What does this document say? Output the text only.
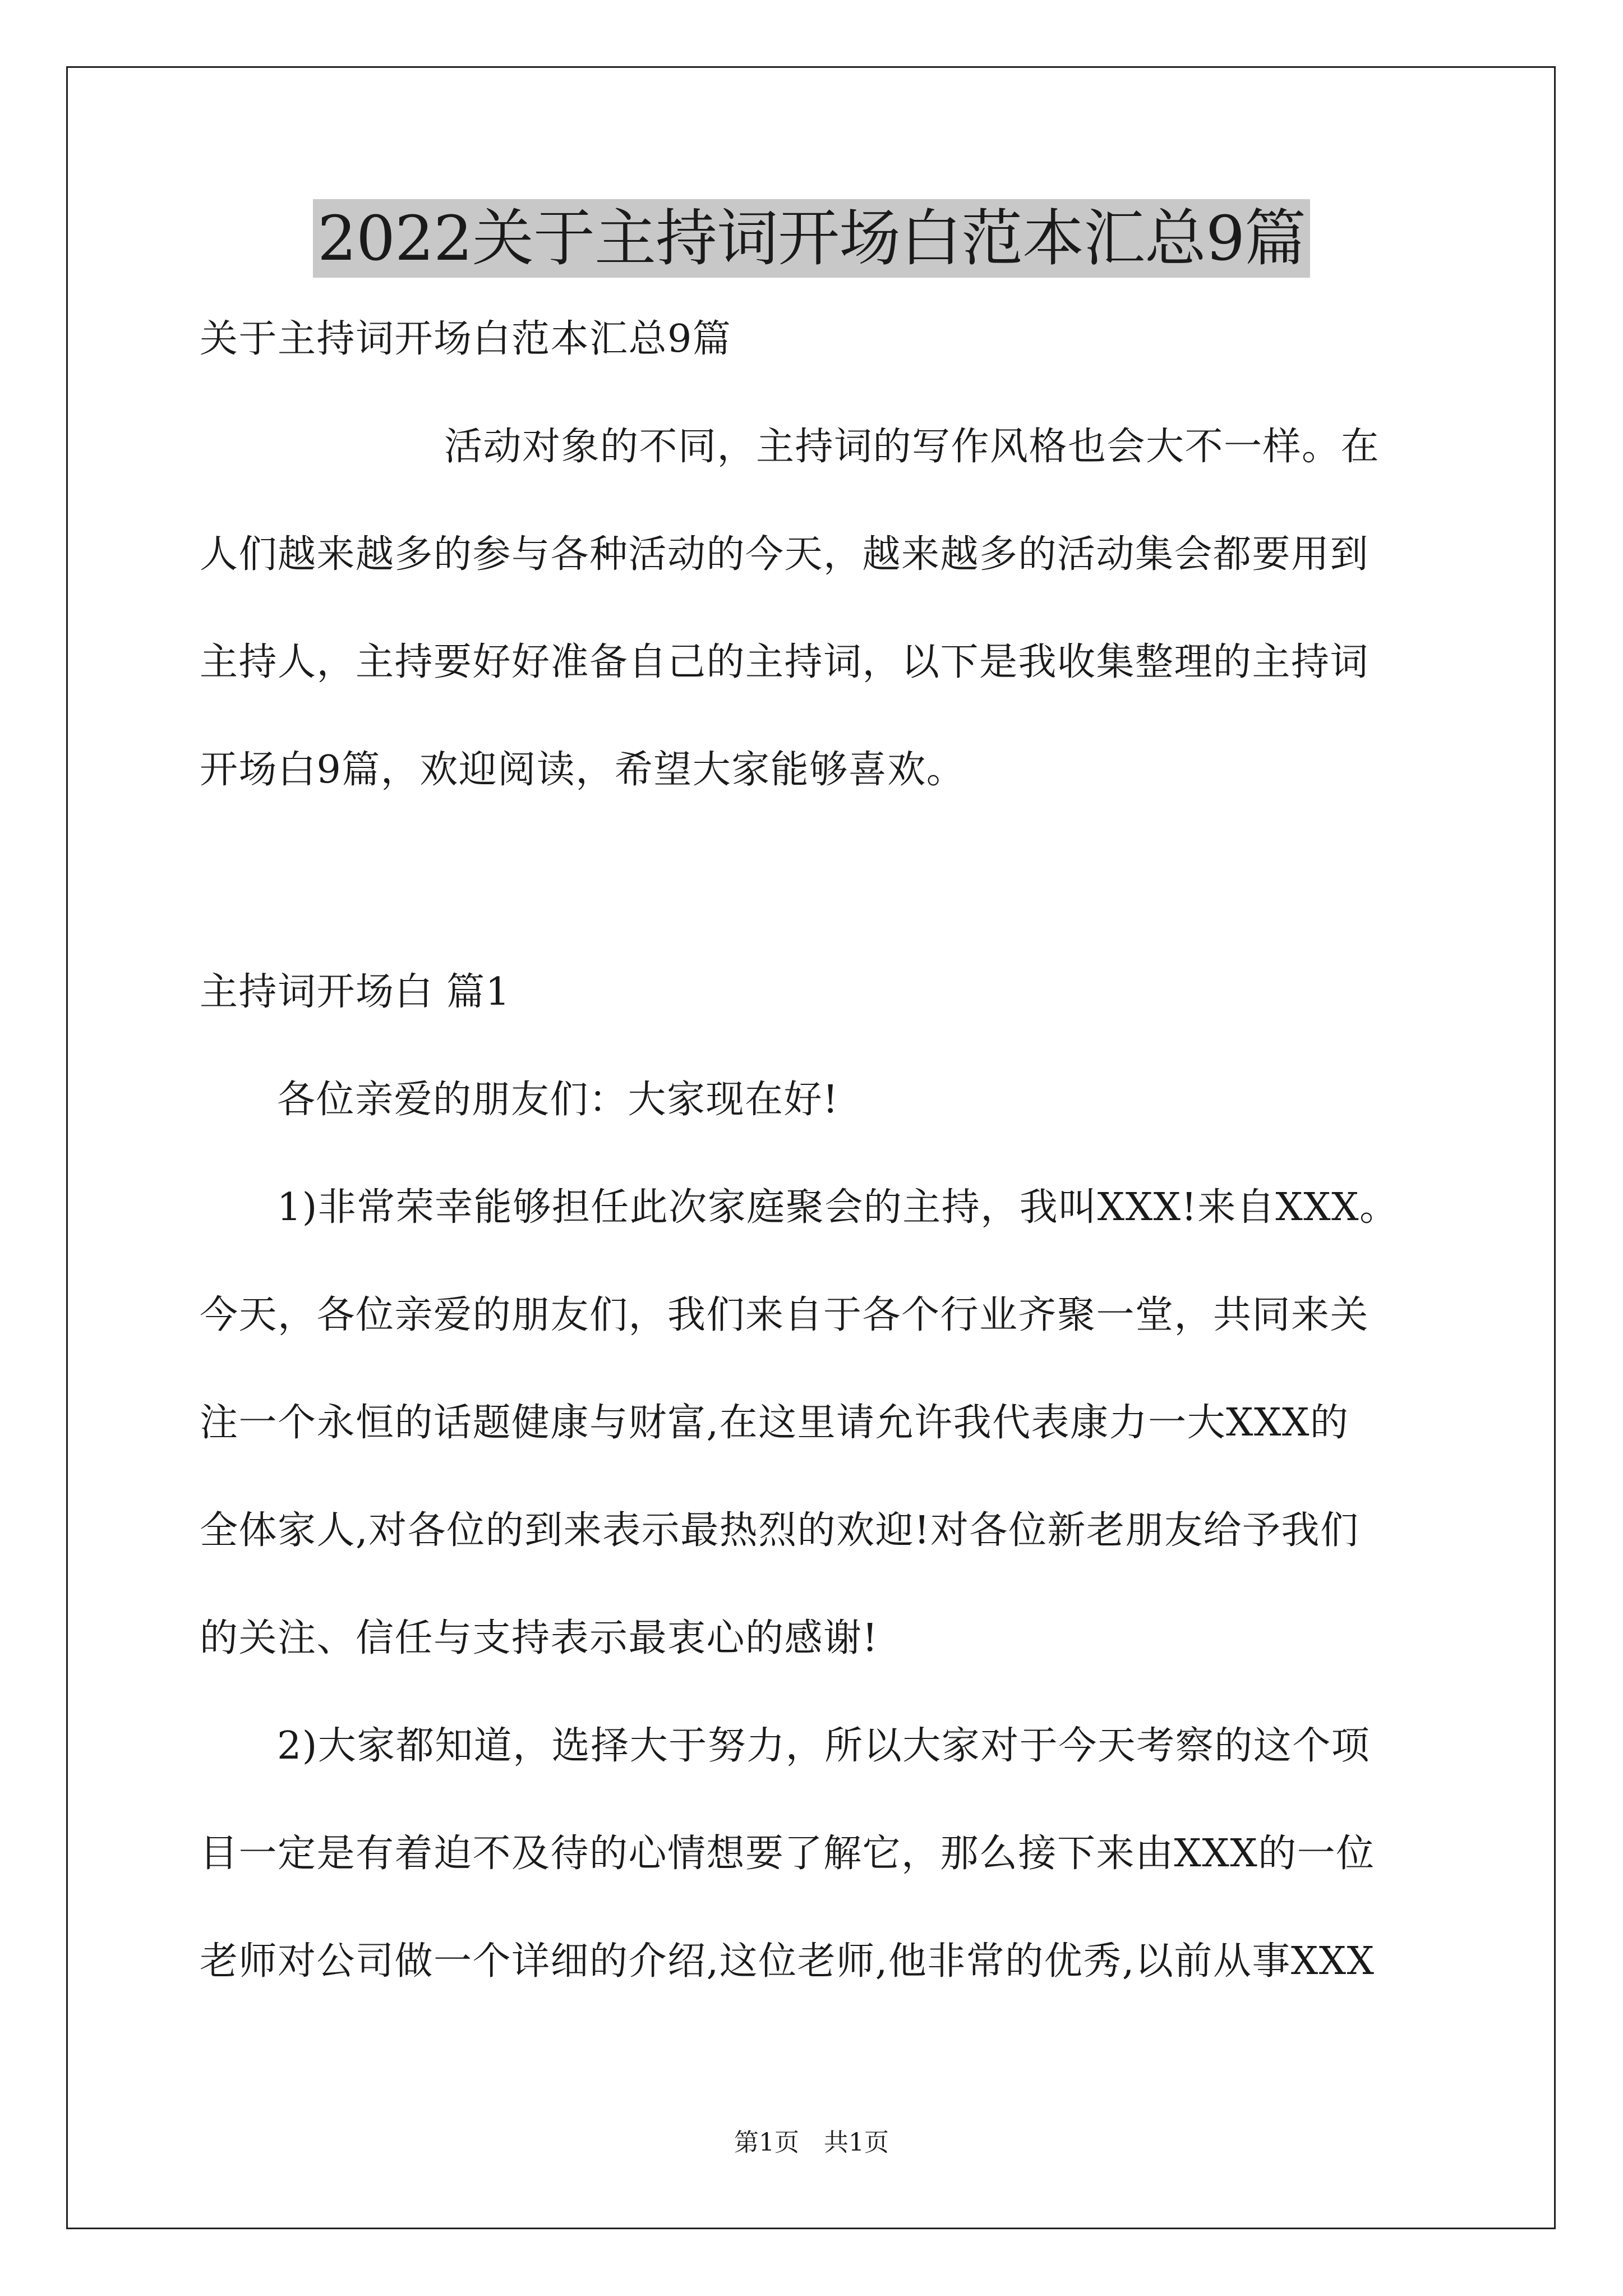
2022关于主持词开场白范本汇总9篇
关于主持词开场白范本汇总9篇
活动对象的不同，主持词的写作风格也会大不一样。在
人们越来越多的参与各种活动的今天，越来越多的活动集会都要用到
主持人，主持要好好准备自己的主持词，以下是我收集整理的主持词
开场白9篇，欢迎阅读，希望大家能够喜欢。
主持词开场白 篇1
各位亲爱的朋友们：大家现在好!
1)非常荣幸能够担任此次家庭聚会的主持，我叫XXX!来自XXX。
今天，各位亲爱的朋友们，我们来自于各个行业齐聚一堂，共同来关
注一个永恒的话题健康与财富,在这里请允许我代表康力一大XXX的
全体家人,对各位的到来表示最热烈的欢迎!对各位新老朋友给予我们
的关注、信任与支持表示最衷心的感谢!
2)大家都知道，选择大于努力，所以大家对于今天考察的这个项
目一定是有着迫不及待的心情想要了解它，那么接下来由XXX的一位
老师对公司做一个详细的介绍,这位老师,他非常的优秀,以前从事XXX
第1页　共1页
